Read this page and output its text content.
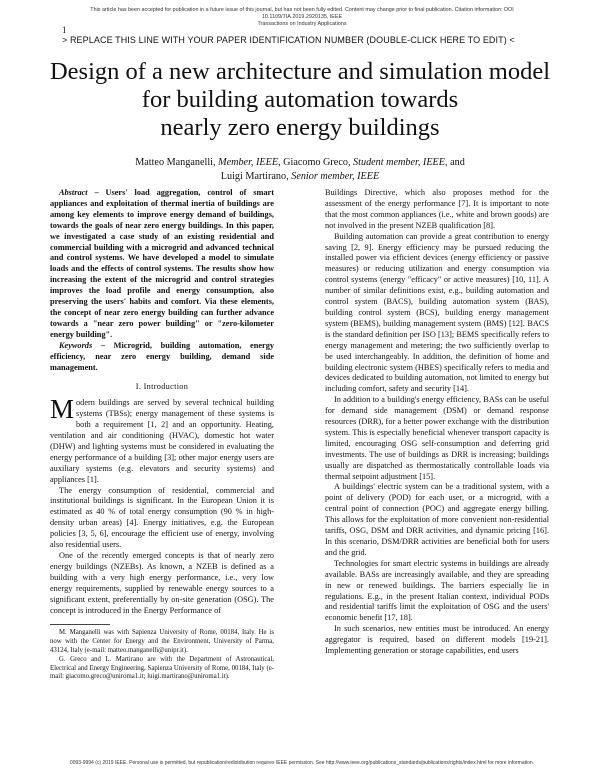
This article has been accepted for publication in a future issue of this journal, but has not been fully edited. Content may change prior to final publication. Citation information: DOI 10.1109/TIA.2019.2920135, IEEE
Transactions on Industry Applications
1
> REPLACE THIS LINE WITH YOUR PAPER IDENTIFICATION NUMBER (DOUBLE-CLICK HERE TO EDIT) <
Design of a new architecture and simulation model
for building automation towards
nearly zero energy buildings
Matteo Manganelli, Member, IEEE, Giacomo Greco, Student member, IEEE, and
Luigi Martirano, Senior member, IEEE

Abstract – Users' load aggregation, control of smart appliances and exploitation of thermal inertia of buildings are among key elements to improve energy demand of buildings, towards the goals of near zero energy buildings. In this paper, we investigated a case study of an existing residential and commercial building with a microgrid and advanced technical and control systems. We have developed a model to simulate loads and the effects of control systems. The results show how increasing the extent of the microgrid and control strategies improves the load profile and energy consumption, also preserving the users' habits and comfort. Via these elements, the concept of near zero energy building can further advance towards a "near zero power building" or "zero-kilometer energy building".

Keywords – Microgrid, building automation, energy efficiency, near zero energy building, demand side management.

I. Introduction

Modern buildings are served by several technical building systems (TBSs); energy management of these systems is both a requirement [1, 2] and an opportunity. Heating, ventilation and air conditioning (HVAC), domestic hot water (DHW) and lighting systems must be considered in evaluating the energy performance of a building [3]; other major energy users are auxiliary systems (e.g. elevators and security systems) and appliances [1].

The energy consumption of residential, commercial and institutional buildings is significant. In the European Union it is estimated as 40 % of total energy consumption (90 % in high-density urban areas) [4]. Energy initiatives, e.g. the European policies [3, 5, 6], encourage the efficient use of energy, involving also residential users.

One of the recently emerged concepts is that of nearly zero energy buildings (NZEBs). As known, a NZEB is defined as a building with a very high energy performance, i.e., very low energy requirements, supplied by renewable energy sources to a significant extent, preferentially by on-site generation (OSG). The concept is introduced in the Energy Performance of

M. Manganelli was with Sapienza University of Rome, 00184, Italy. He is now with the Center for Energy and the Environment, University of Parma, 43124, Italy (e-mail: matteo.manganelli@unipr.it).

G. Greco and L. Martirano are with the Department of Astronautical, Electrical and Energy Engineering, Sapienza University of Rome, 00184, Italy (e-mail: giacomo.greco@uniroma1.it; luigi.martirano@uniroma1.it).

Buildings Directive, which also proposes method for the assessment of the energy performance [7]. It is important to note that the most common appliances (i.e., white and brown goods) are not involved in the present NZEB qualification [8].

Building automation can provide a great contribution to energy saving [2, 9]. Energy efficiency may be pursued reducing the installed power via efficient devices (energy efficiency or passive measures) or reducing utilization and energy consumption via control systems (energy "efficacy" or active measures) [10, 11]. A number of similar definitions exist, e.g., building automation and control system (BACS), building automation system (BAS), building control system (BCS), building energy management system (BEMS), building management system (BMS) [12]. BACS is the standard definition per ISO [13]; BEMS specifically refers to energy management and metering; the two sufficiently overlap to be used interchangeably. In addition, the definition of home and building electronic system (HBES) specifically refers to media and devices dedicated to building automation, not limited to energy but including comfort, safety and security [14].

In addition to a building's energy efficiency, BASs can be useful for demand side management (DSM) or demand response resources (DRR), for a better power exchange with the distribution system. This is especially beneficial whenever transport capacity is limited, encouraging OSG self-consumption and deferring grid investments. The use of buildings as DRR is increasing; buildings usually are dispatched as thermostatically controllable loads via thermal setpoint adjustment [15].

A buildings' electric system can be a traditional system, with a point of delivery (POD) for each user, or a microgrid, with a central point of connection (POC) and aggregate energy billing. This allows for the exploitation of more convenient non-residential tariffs, OSG, DSM and DRR activities, and dynamic pricing [16]. In this scenario, DSM/DRR activities are beneficial both for users and the grid.

Technologies for smart electric systems in buildings are already available. BASs are increasingly available, and they are spreading in new or renewed buildings. The barriers especially lie in regulations. E.g., in the present Italian context, individual PODs and residential tariffs limit the exploitation of OSG and the users' economic benefit [17, 18].

In such scenarios, new entities must be introduced. An energy aggregator is required, based on different models [19-21]. Implementing generation or storage capabilities, end users

0093-9994 (c) 2019 IEEE. Personal use is permitted, but republication/redistribution requires IEEE permission. See http://www.ieee.org/publications_standards/publications/rights/index.html for more information.
